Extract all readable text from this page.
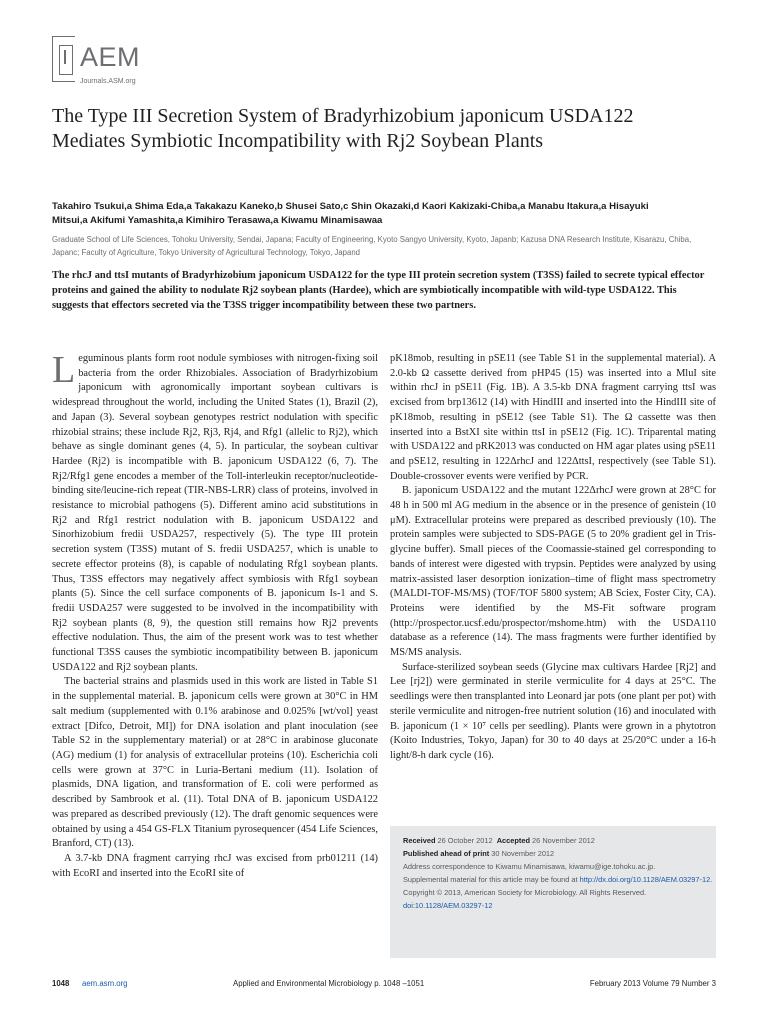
AEM
Journals.ASM.org
The Type III Secretion System of Bradyrhizobium japonicum USDA122 Mediates Symbiotic Incompatibility with Rj2 Soybean Plants

Takahiro Tsukui,a Shima Eda,a Takakazu Kaneko,b Shusei Sato,c Shin Okazaki,d Kaori Kakizaki-Chiba,a Manabu Itakura,a Hisayuki Mitsui,a Akifumi Yamashita,a Kimihiro Terasawa,a Kiwamu Minamisawaa

Graduate School of Life Sciences, Tohoku University, Sendai, Japana; Faculty of Engineering, Kyoto Sangyo University, Kyoto, Japanb; Kazusa DNA Research Institute, Kisarazu, Chiba, Japanc; Faculty of Agriculture, Tokyo University of Agricultural Technology, Tokyo, Japand

The rhcJ and ttsI mutants of Bradyrhizobium japonicum USDA122 for the type III protein secretion system (T3SS) failed to secrete typical effector proteins and gained the ability to nodulate Rj2 soybean plants (Hardee), which are symbiotically incompatible with wild-type USDA122. This suggests that effectors secreted via the T3SS trigger incompatibility between these two partners.

Leguminous plants form root nodule symbioses with nitrogen-fixing soil bacteria from the order Rhizobiales. Association of Bradyrhizobium japonicum with agronomically important soybean cultivars is widespread throughout the world, including the United States (1), Brazil (2), and Japan (3). Several soybean genotypes restrict nodulation with specific rhizobial strains; these include Rj2, Rj3, Rj4, and Rfg1 (allelic to Rj2), which behave as single dominant genes (4, 5). In particular, the soybean cultivar Hardee (Rj2) is incompatible with B. japonicum USDA122 (6, 7). The Rj2/Rfg1 gene encodes a member of the Toll-interleukin receptor/nucleotide-binding site/leucine-rich repeat (TIR-NBS-LRR) class of proteins, involved in resistance to microbial pathogens (5). Different amino acid substitutions in Rj2 and Rfg1 restrict nodulation with B. japonicum USDA122 and Sinorhizobium fredii USDA257, respectively (5). The type III protein secretion system (T3SS) mutant of S. fredii USDA257, which is unable to secrete effector proteins (8), is capable of nodulating Rfg1 soybean plants. Thus, T3SS effectors may negatively affect symbiosis with Rfg1 soybean plants (5). Since the cell surface components of B. japonicum Is-1 and S. fredii USDA257 were suggested to be involved in the incompatibility with Rj2 soybean plants (8, 9), the question still remains how Rj2 prevents effective nodulation. Thus, the aim of the present work was to test whether functional T3SS causes the symbiotic incompatibility between B. japonicum USDA122 and Rj2 soybean plants.

The bacterial strains and plasmids used in this work are listed in Table S1 in the supplemental material. B. japonicum cells were grown at 30°C in HM salt medium (supplemented with 0.1% arabinose and 0.025% [wt/vol] yeast extract [Difco, Detroit, MI]) for DNA isolation and plant inoculation (see Table S2 in the supplementary material) or at 28°C in arabinose gluconate (AG) medium (1) for analysis of extracellular proteins (10). Escherichia coli cells were grown at 37°C in Luria-Bertani medium (11). Isolation of plasmids, DNA ligation, and transformation of E. coli were performed as described by Sambrook et al. (11). Total DNA of B. japonicum USDA122 was prepared as described previously (12). The draft genomic sequences were obtained by using a 454 GS-FLX Titanium pyrosequencer (454 Life Sciences, Branford, CT) (13).

A 3.7-kb DNA fragment carrying rhcJ was excised from prb01211 (14) with EcoRI and inserted into the EcoRI site of

pK18mob, resulting in pSE11 (see Table S1 in the supplemental material). A 2.0-kb Ω cassette derived from pHP45 (15) was inserted into a MluI site within rhcJ in pSE11 (Fig. 1B). A 3.5-kb DNA fragment carrying ttsI was excised from brp13612 (14) with HindIII and inserted into the HindIII site of pK18mob, resulting in pSE12 (see Table S1). The Ω cassette was then inserted into a BstXI site within ttsI in pSE12 (Fig. 1C). Triparental mating with USDA122 and pRK2013 was conducted on HM agar plates using pSE11 and pSE12, resulting in 122ΔrhcJ and 122ΔttsI, respectively (see Table S1). Double-crossover events were verified by PCR.

B. japonicum USDA122 and the mutant 122ΔrhcJ were grown at 28°C for 48 h in 500 ml AG medium in the absence or in the presence of genistein (10 μM). Extracellular proteins were prepared as described previously (10). The protein samples were subjected to SDS-PAGE (5 to 20% gradient gel in Tris-glycine buffer). Small pieces of the Coomassie-stained gel corresponding to bands of interest were digested with trypsin. Peptides were analyzed by using matrix-assisted laser desorption ionization–time of flight mass spectrometry (MALDI-TOF-MS/MS) (TOF/TOF 5800 system; AB Sciex, Foster City, CA). Proteins were identified by the MS-Fit software program (http://prospector.ucsf.edu/prospector/mshome.htm) with the USDA110 database as a reference (14). The mass fragments were further identified by MS/MS analysis.

Surface-sterilized soybean seeds (Glycine max cultivars Hardee [Rj2] and Lee [rj2]) were germinated in sterile vermiculite for 4 days at 25°C. The seedlings were then transplanted into Leonard jar pots (one plant per pot) with sterile vermiculite and nitrogen-free nutrient solution (16) and inoculated with B. japonicum (1 × 10⁷ cells per seedling). Plants were grown in a phytotron (Koito Industries, Tokyo, Japan) for 30 to 40 days at 25/20°C under a 16-h light/8-h dark cycle (16).

Received 26 October 2012 Accepted 26 November 2012
Published ahead of print 30 November 2012
Address correspondence to Kiwamu Minamisawa, kiwamu@ige.tohoku.ac.jp.
Supplemental material for this article may be found at http://dx.doi.org/10.1128/AEM.03297-12.
Copyright © 2013, American Society for Microbiology. All Rights Reserved.
doi:10.1128/AEM.03297-12
1048 aem.asm.org	Applied and Environmental Microbiology p. 1048 –1051	February 2013 Volume 79 Number 3
